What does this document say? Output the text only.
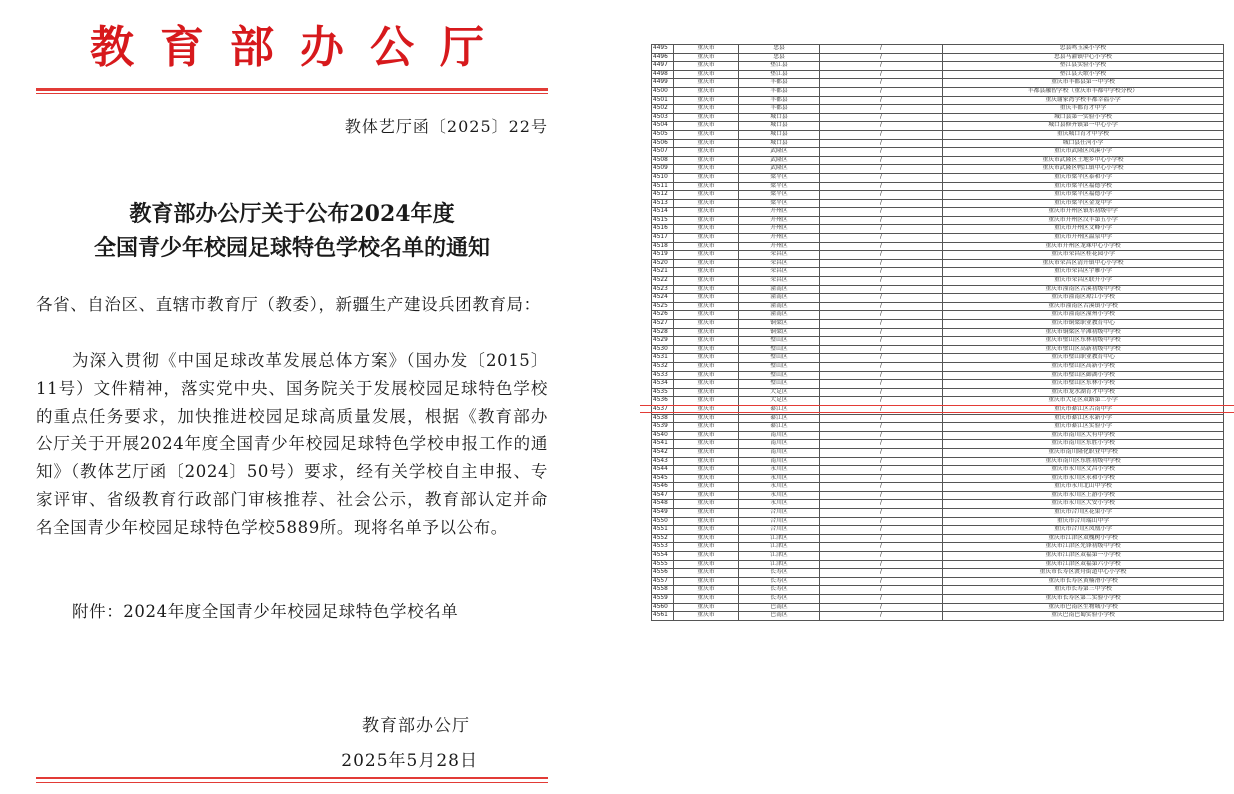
教育部办公厅
教体艺厅函〔2025〕22号
教育部办公厅关于公布2024年度
全国青少年校园足球特色学校名单的通知
各省、自治区、直辖市教育厅（教委），新疆生产建设兵团教育局：
为深入贯彻《中国足球改革发展总体方案》（国办发〔2015〕11号）文件精神，落实党中央、国务院关于发展校园足球特色学校的重点任务要求，加快推进校园足球高质量发展，根据《教育部办公厅关于开展2024年度全国青少年校园足球特色学校申报工作的通知》（教体艺厅函〔2024〕50号）要求，经有关学校自主申报、专家评审、省级教育行政部门审核推荐、社会公示，教育部认定并命名全国青少年校园足球特色学校5889所。现将名单予以公布。
附件：2024年度全国青少年校园足球特色学校名单
教育部办公厅
2025年5月28日
4495	重庆市	忠县	/	忠县鸣玉溪小学校
4496	重庆市	忠县	/	忠县马灌镇中心小学校
4497	重庆市	垫江县	/	垫江县实验小学校
4498	重庆市	垫江县	/	垫江县天歌小学校
4499	重庆市	丰都县	/	重庆市丰都县第一中学校
4500	重庆市	丰都县	/	丰都县融智学校（重庆市丰都中学校分校）
4501	重庆市	丰都县	/	重庆谢家湾学校丰都幸福小学
4502	重庆市	丰都县	/	重庆丰都育才中学
4503	重庆市	城口县	/	城口县第一实验小学校
4504	重庆市	城口县	/	城口县修齐镇第一中心小学
4505	重庆市	城口县	/	重庆城口育才中学校
4506	重庆市	城口县	/	城口县任河小学
4507	重庆市	武隆区	/	重庆市武隆区凤溪小学
4508	重庆市	武隆区	/	重庆市武隆区土地乡中心小学校
4509	重庆市	武隆区	/	重庆市武隆区鸭江镇中心小学校
4510	重庆市	梁平区	/	重庆市梁平区泰和小学
4511	重庆市	梁平区	/	重庆市梁平区福德学校
4512	重庆市	梁平区	/	重庆市梁平区福德小学
4513	重庆市	梁平区	/	重庆市梁平区金龙中学
4514	重庆市	开州区	/	重庆市开州区镇东初级中学
4515	重庆市	开州区	/	重庆市开州区汉丰第五小学
4516	重庆市	开州区	/	重庆市开州区文峰小学
4517	重庆市	开州区	/	重庆市开州区温泉中学
4518	重庆市	开州区	/	重庆市开州区龙珠中心小学校
4519	重庆市	荣昌区	/	重庆市荣昌区桂花园小学
4520	重庆市	荣昌区	/	重庆市荣昌区清升镇中心小学校
4521	重庆市	荣昌区	/	重庆市荣昌区宇雁小学
4522	重庆市	荣昌区	/	重庆市荣昌区联升小学
4523	重庆市	潼南区	/	重庆市潼南区古溪初级中学校
4524	重庆市	潼南区	/	重庆市潼南区琼江小学校
4525	重庆市	潼南区	/	重庆市潼南区古溪镇小学校
4526	重庆市	潼南区	/	重庆市潼南区潼州小学校
4527	重庆市	铜梁区	/	重庆市铜梁职业教育中心
4528	重庆市	铜梁区	/	重庆市铜梁区平滩初级中学校
4529	重庆市	璧山区	/	重庆市璧山区东林初级中学校
4530	重庆市	璧山区	/	重庆市璧山区高新初级中学校
4531	重庆市	璧山区	/	重庆市璧山职业教育中心
4532	重庆市	璧山区	/	重庆市璧山区高新小学校
4533	重庆市	璧山区	/	重庆市璧山区御湖小学校
4534	重庆市	璧山区	/	重庆市璧山区东林小学校
4535	重庆市	大足区	/	重庆市龙水湖育才中学校
4536	重庆市	大足区	/	重庆市大足区双路第二小学
4537	重庆市	綦江区	/	重庆市綦江区古南中学
4538	重庆市	綦江区	/	重庆市綦江区永新小学
4539	重庆市	綦江区	/	重庆市綦江区实验小学
4540	重庆市	南川区	/	重庆市南川区大有中学校
4541	重庆市	南川区	/	重庆市南川区东胜小学校
4542	重庆市	南川区	/	重庆市南川隆化职业中学校
4543	重庆市	南川区	/	重庆市南川区东胜初级中学校
4544	重庆市	永川区	/	重庆市永川区文昌小学校
4545	重庆市	永川区	/	重庆市永川区永和小学校
4546	重庆市	永川区	/	重庆市永川北山中学校
4547	重庆市	永川区	/	重庆市永川区上游小学校
4548	重庆市	永川区	/	重庆市永川区大安小学校
4549	重庆市	合川区	/	重庆市合川区花果小学
4550	重庆市	合川区	/	重庆市合川瑞山中学
4551	重庆市	合川区	/	重庆市合川区凤凰小学
4552	重庆市	江津区	/	重庆市江津区双槐树小学校
4553	重庆市	江津区	/	重庆市江津区先锋初级中学校
4554	重庆市	江津区	/	重庆市江津区双福第一小学校
4555	重庆市	江津区	/	重庆市江津区双福第六小学校
4556	重庆市	长寿区	/	重庆市长寿区渡舟街道中心小学校
4557	重庆市	长寿区	/	重庆市长寿区黄楠滑小学校
4558	重庆市	长寿区	/	重庆市长寿第三中学校
4559	重庆市	长寿区	/	重庆市长寿区第二实验小学校
4560	重庆市	巴南区	/	重庆市巴南区生物城小学校
4561	重庆市	巴南区	/	重庆巴南巴蜀实验小学校
